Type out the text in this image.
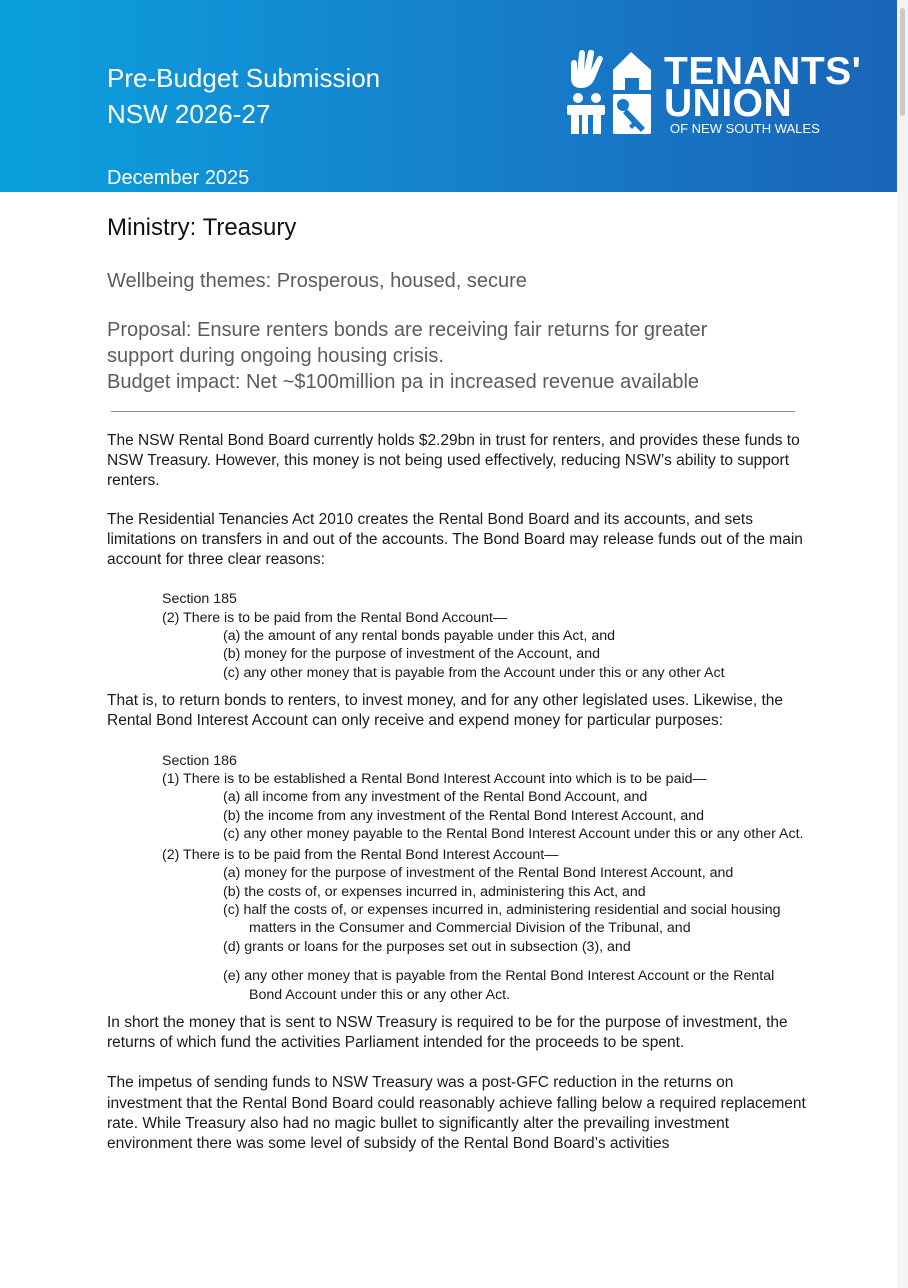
Pre-Budget Submission
NSW 2026-27
December 2025
TENANTS'
UNION
OF NEW SOUTH WALES
Ministry: Treasury
Wellbeing themes: Prosperous, housed, secure
Proposal: Ensure renters bonds are receiving fair returns for greater
support during ongoing housing crisis.
Budget impact: Net ~$100million pa in increased revenue available

The NSW Rental Bond Board currently holds $2.29bn in trust for renters, and provides these funds to NSW Treasury. However, this money is not being used effectively, reducing NSW’s ability to support renters.

The Residential Tenancies Act 2010 creates the Rental Bond Board and its accounts, and sets limitations on transfers in and out of the accounts. The Bond Board may release funds out of the main account for three clear reasons:

Section 185
(2) There is to be paid from the Rental Bond Account—
(a) the amount of any rental bonds payable under this Act, and
(b) money for the purpose of investment of the Account, and
(c) any other money that is payable from the Account under this or any other Act

That is, to return bonds to renters, to invest money, and for any other legislated uses. Likewise, the Rental Bond Interest Account can only receive and expend money for particular purposes:

Section 186
(1) There is to be established a Rental Bond Interest Account into which is to be paid—
(a) all income from any investment of the Rental Bond Account, and
(b) the income from any investment of the Rental Bond Interest Account, and
(c) any other money payable to the Rental Bond Interest Account under this or any other Act.
(2) There is to be paid from the Rental Bond Interest Account—
(a) money for the purpose of investment of the Rental Bond Interest Account, and
(b) the costs of, or expenses incurred in, administering this Act, and
(c) half the costs of, or expenses incurred in, administering residential and social housing matters in the Consumer and Commercial Division of the Tribunal, and
(d) grants or loans for the purposes set out in subsection (3), and
(e) any other money that is payable from the Rental Bond Interest Account or the Rental Bond Account under this or any other Act.

In short the money that is sent to NSW Treasury is required to be for the purpose of investment, the returns of which fund the activities Parliament intended for the proceeds to be spent.

The impetus of sending funds to NSW Treasury was a post-GFC reduction in the returns on investment that the Rental Bond Board could reasonably achieve falling below a required replacement rate. While Treasury also had no magic bullet to significantly alter the prevailing investment environment there was some level of subsidy of the Rental Bond Board’s activities
